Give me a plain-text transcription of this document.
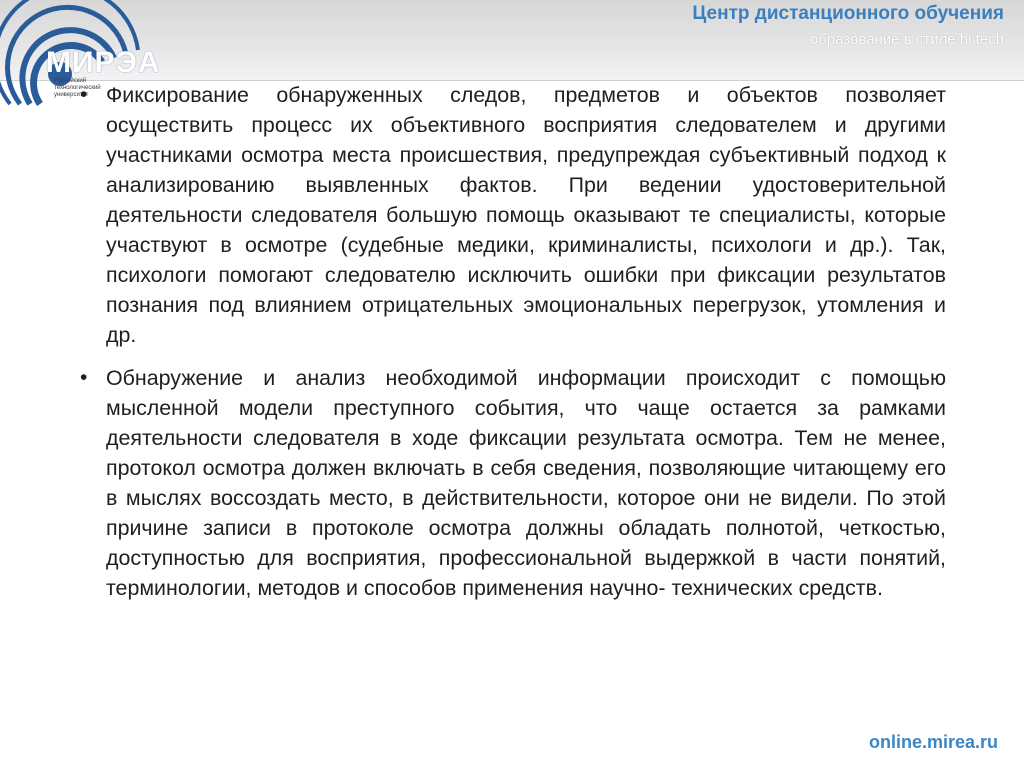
МИРЭА
Российский
технологический
университет
Центр дистанционного обучения
образование в стиле hi tech
• Фиксирование обнаруженных следов, предметов и объектов позволяет осуществить процесс их объективного восприятия следователем и другими участниками осмотра места происшествия, предупреждая субъективный подход к анализированию выявленных фактов. При ведении удостоверительной деятельности следователя большую помощь оказывают те специалисты, которые участвуют в осмотре (судебные медики, криминалисты, психологи и др.). Так, психологи помогают следователю исключить ошибки при фиксации результатов познания под влиянием отрицательных эмоциональных перегрузок, утомления и др.
• Обнаружение и анализ необходимой информации происходит с помощью мысленной модели преступного события, что чаще остается за рамками деятельности следователя в ходе фиксации результата осмотра. Тем не менее, протокол осмотра должен включать в себя сведения, позволяющие читающему его в мыслях воссоздать место, в действительности, которое они не видели. По этой причине записи в протоколе осмотра должны обладать полнотой, четкостью, доступностью для восприятия, профессиональной выдержкой в части понятий, терминологии, методов и способов применения научно- технических средств.
online.mirea.ru
